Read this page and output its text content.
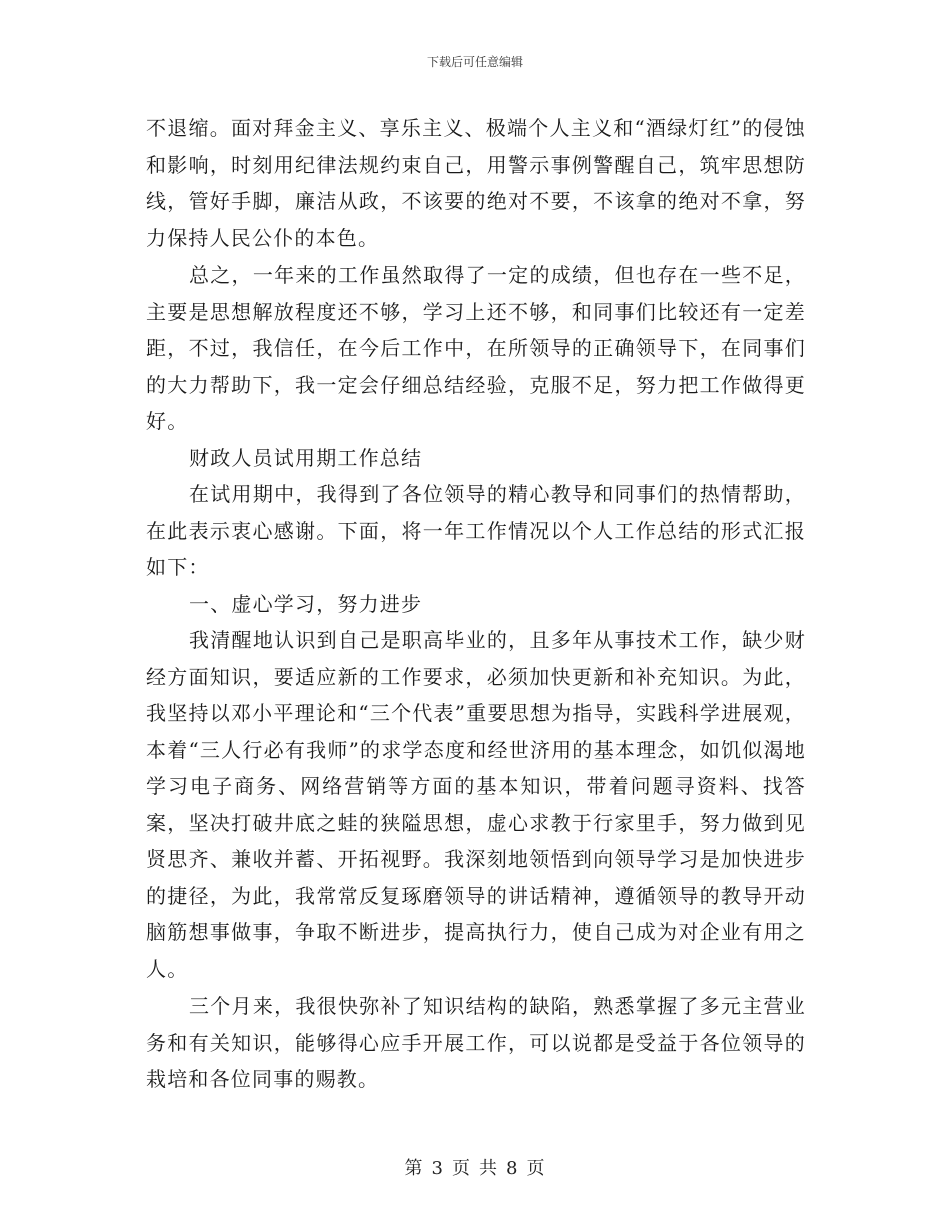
下载后可任意编辑

不退缩。面对拜金主义、享乐主义、极端个人主义和“酒绿灯红”的侵蚀和影响，时刻用纪律法规约束自己，用警示事例警醒自己，筑牢思想防线，管好手脚，廉洁从政，不该要的绝对不要，不该拿的绝对不拿，努力保持人民公仆的本色。

总之，一年来的工作虽然取得了一定的成绩，但也存在一些不足，主要是思想解放程度还不够，学习上还不够，和同事们比较还有一定差距，不过，我信任，在今后工作中，在所领导的正确领导下，在同事们的大力帮助下，我一定会仔细总结经验，克服不足，努力把工作做得更好。

财政人员试用期工作总结

在试用期中，我得到了各位领导的精心教导和同事们的热情帮助，在此表示衷心感谢。下面，将一年工作情况以个人工作总结的形式汇报如下：

一、虚心学习，努力进步

我清醒地认识到自己是职高毕业的，且多年从事技术工作，缺少财经方面知识，要适应新的工作要求，必须加快更新和补充知识。为此，我坚持以邓小平理论和“三个代表”重要思想为指导，实践科学进展观，本着“三人行必有我师”的求学态度和经世济用的基本理念，如饥似渴地学习电子商务、网络营销等方面的基本知识，带着问题寻资料、找答案，坚决打破井底之蛙的狭隘思想，虚心求教于行家里手，努力做到见贤思齐、兼收并蓄、开拓视野。我深刻地领悟到向领导学习是加快进步的捷径，为此，我常常反复琢磨领导的讲话精神，遵循领导的教导开动脑筋想事做事，争取不断进步，提高执行力，使自己成为对企业有用之人。

三个月来，我很快弥补了知识结构的缺陷，熟悉掌握了多元主营业务和有关知识，能够得心应手开展工作，可以说都是受益于各位领导的栽培和各位同事的赐教。

第 3 页 共 8 页
